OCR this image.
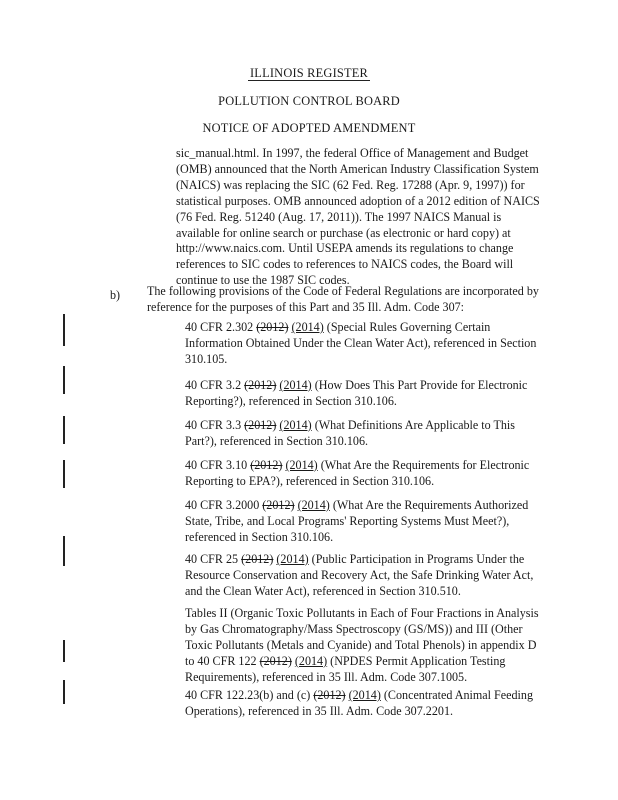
ILLINOIS REGISTER
POLLUTION CONTROL BOARD
NOTICE OF ADOPTED AMENDMENT
sic_manual.html. In 1997, the federal Office of Management and Budget (OMB) announced that the North American Industry Classification System (NAICS) was replacing the SIC (62 Fed. Reg. 17288 (Apr. 9, 1997)) for statistical purposes. OMB announced adoption of a 2012 edition of NAICS (76 Fed. Reg. 51240 (Aug. 17, 2011)). The 1997 NAICS Manual is available for online search or purchase (as electronic or hard copy) at http://www.naics.com. Until USEPA amends its regulations to change references to SIC codes to references to NAICS codes, the Board will continue to use the 1987 SIC codes.
b) The following provisions of the Code of Federal Regulations are incorporated by reference for the purposes of this Part and 35 Ill. Adm. Code 307:
40 CFR 2.302 (2012) (2014) (Special Rules Governing Certain Information Obtained Under the Clean Water Act), referenced in Section 310.105.
40 CFR 3.2 (2012) (2014) (How Does This Part Provide for Electronic Reporting?), referenced in Section 310.106.
40 CFR 3.3 (2012) (2014) (What Definitions Are Applicable to This Part?), referenced in Section 310.106.
40 CFR 3.10 (2012) (2014) (What Are the Requirements for Electronic Reporting to EPA?), referenced in Section 310.106.
40 CFR 3.2000 (2012) (2014) (What Are the Requirements Authorized State, Tribe, and Local Programs' Reporting Systems Must Meet?), referenced in Section 310.106.
40 CFR 25 (2012) (2014) (Public Participation in Programs Under the Resource Conservation and Recovery Act, the Safe Drinking Water Act, and the Clean Water Act), referenced in Section 310.510.
Tables II (Organic Toxic Pollutants in Each of Four Fractions in Analysis by Gas Chromatography/Mass Spectroscopy (GS/MS)) and III (Other Toxic Pollutants (Metals and Cyanide) and Total Phenols) in appendix D to 40 CFR 122 (2012) (2014) (NPDES Permit Application Testing Requirements), referenced in 35 Ill. Adm. Code 307.1005.
40 CFR 122.23(b) and (c) (2012) (2014) (Concentrated Animal Feeding Operations), referenced in 35 Ill. Adm. Code 307.2201.
